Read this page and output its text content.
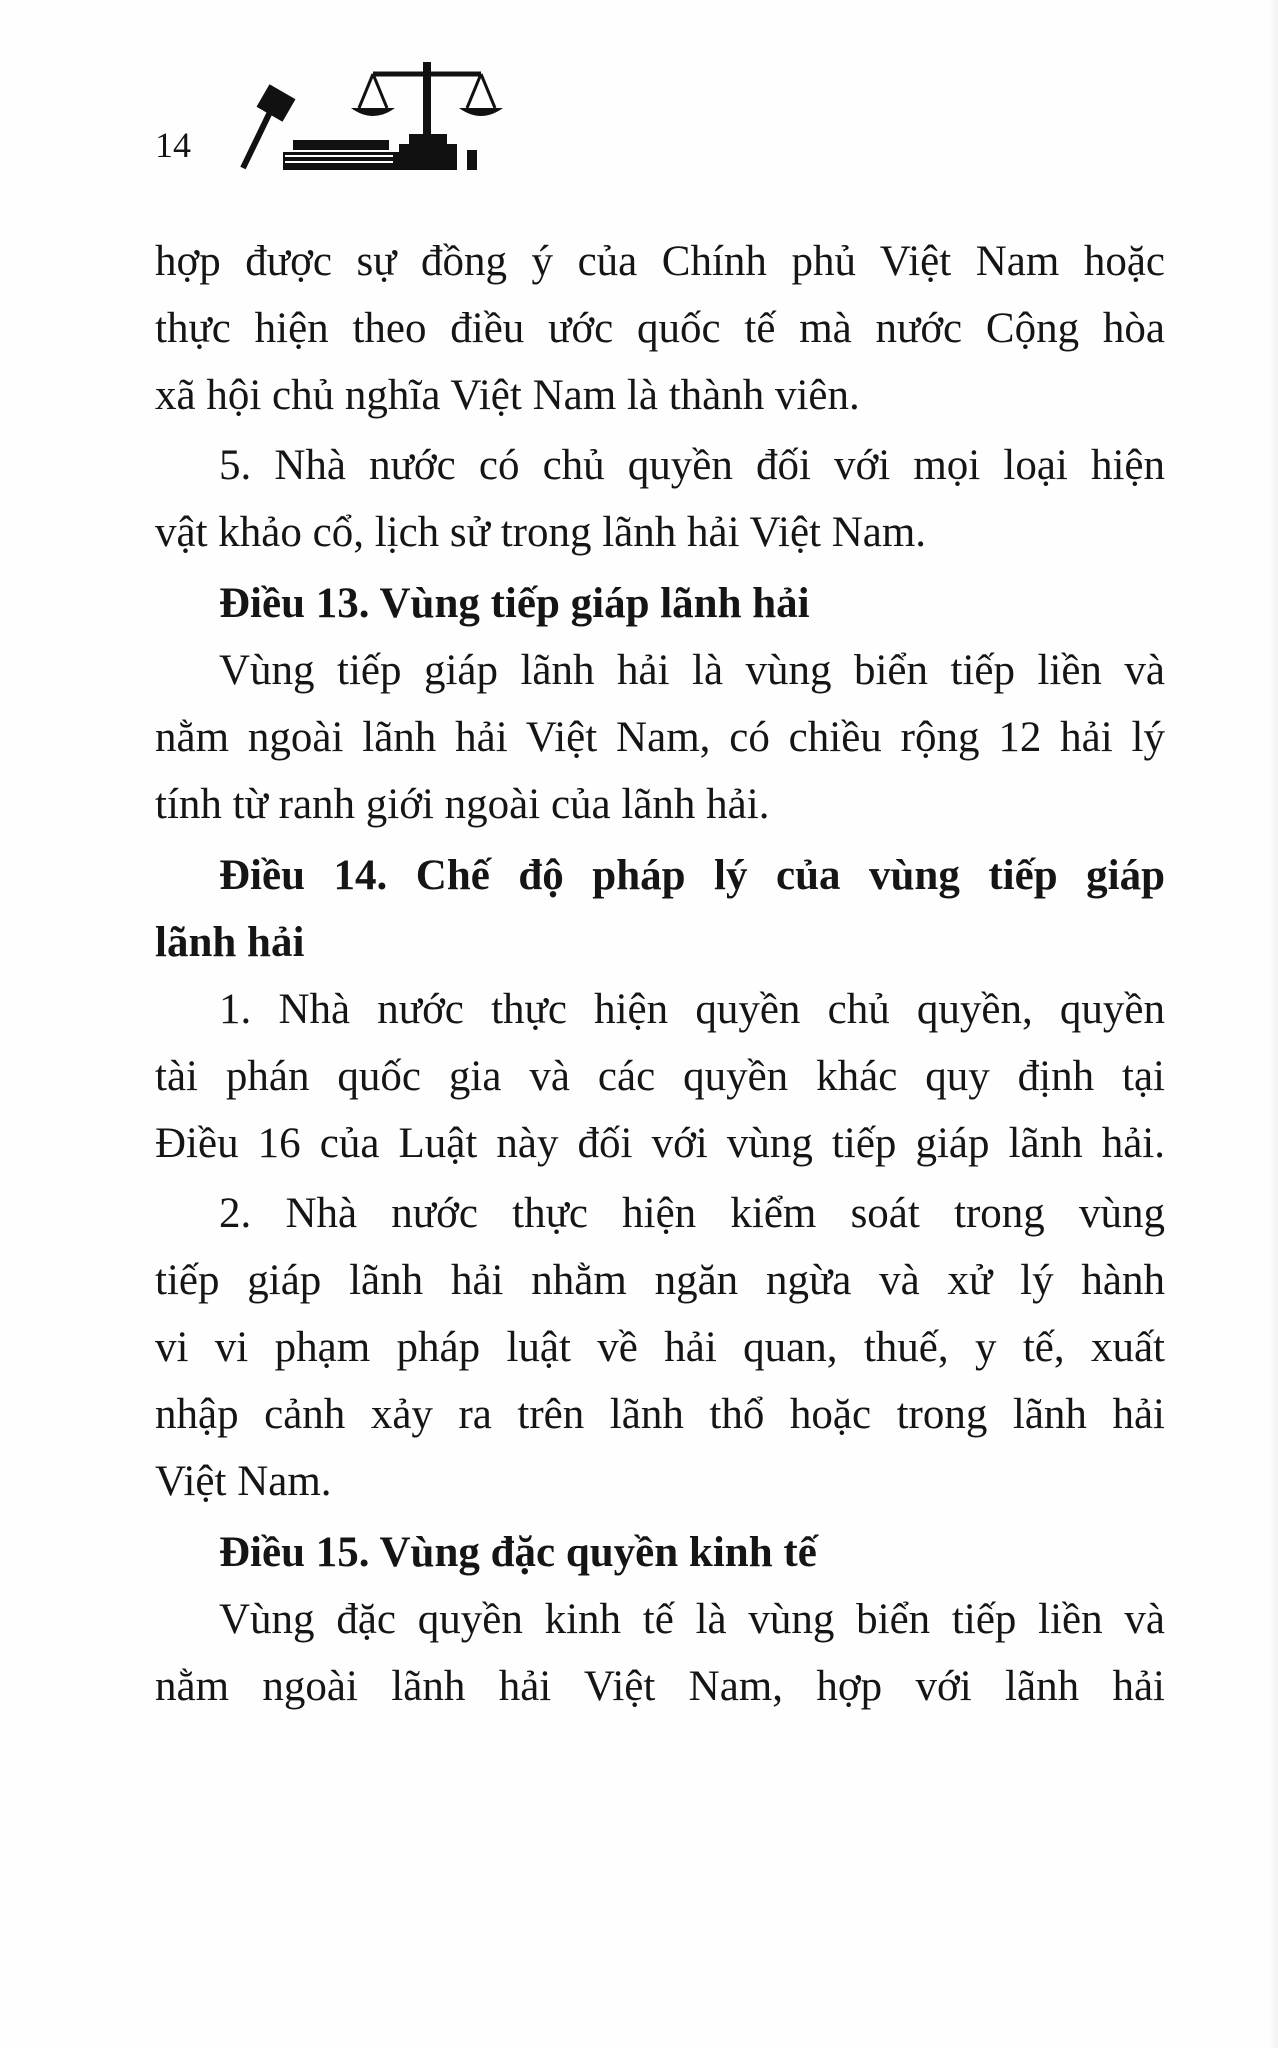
14
hợp được sự đồng ý của Chính phủ Việt Nam hoặc
thực hiện theo điều ước quốc tế mà nước Cộng hòa
xã hội chủ nghĩa Việt Nam là thành viên.
5. Nhà nước có chủ quyền đối với mọi loại hiện
vật khảo cổ, lịch sử trong lãnh hải Việt Nam.
Điều 13. Vùng tiếp giáp lãnh hải
Vùng tiếp giáp lãnh hải là vùng biển tiếp liền và
nằm ngoài lãnh hải Việt Nam, có chiều rộng 12 hải lý
tính từ ranh giới ngoài của lãnh hải.
Điều 14. Chế độ pháp lý của vùng tiếp giáp
lãnh hải
1. Nhà nước thực hiện quyền chủ quyền, quyền
tài phán quốc gia và các quyền khác quy định tại
Điều 16 của Luật này đối với vùng tiếp giáp lãnh hải.
2. Nhà nước thực hiện kiểm soát trong vùng
tiếp giáp lãnh hải nhằm ngăn ngừa và xử lý hành
vi vi phạm pháp luật về hải quan, thuế, y tế, xuất
nhập cảnh xảy ra trên lãnh thổ hoặc trong lãnh hải
Việt Nam.
Điều 15. Vùng đặc quyền kinh tế
Vùng đặc quyền kinh tế là vùng biển tiếp liền và
nằm ngoài lãnh hải Việt Nam, hợp với lãnh hải
